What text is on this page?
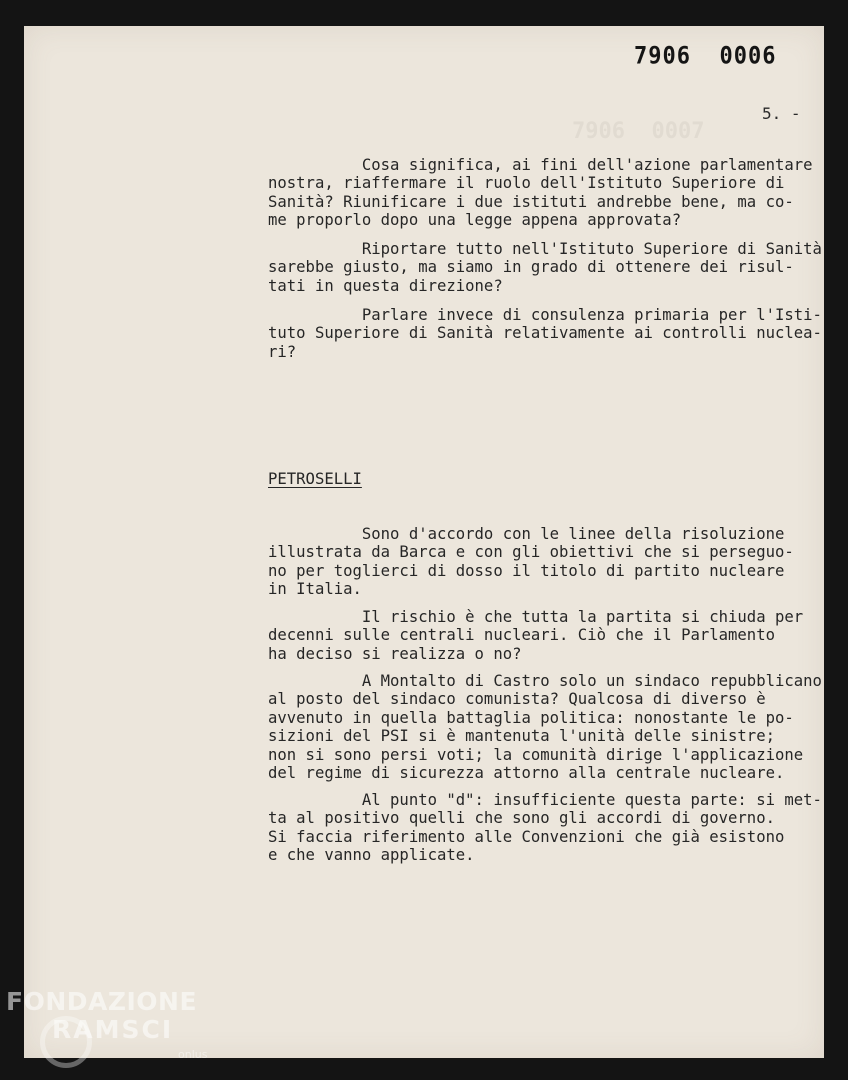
7906  0007
7906  0006
5. -

Cosa significa, ai fini dell'azione parlamentare
nostra, riaffermare il ruolo dell'Istituto Superiore di
Sanità? Riunificare i due istituti andrebbe bene, ma co-
me proporlo dopo una legge appena approvata?

Riportare tutto nell'Istituto Superiore di Sanità
sarebbe giusto, ma siamo in grado di ottenere dei risul-
tati in questa direzione?

Parlare invece di consulenza primaria per l'Isti-
tuto Superiore di Sanità relativamente ai controlli nuclea-
ri?

PETROSELLI

Sono d'accordo con le linee della risoluzione
illustrata da Barca e con gli obiettivi che si perseguo-
no per toglierci di dosso il titolo di partito nucleare
in Italia.

Il rischio è che tutta la partita si chiuda per
decenni sulle centrali nucleari. Ciò che il Parlamento
ha deciso si realizza o no?

A Montalto di Castro solo un sindaco repubblicano
al posto del sindaco comunista? Qualcosa di diverso è
avvenuto in quella battaglia politica: nonostante le po-
sizioni del PSI si è mantenuta l'unità delle sinistre;
non si sono persi voti; la comunità dirige l'applicazione
del regime di sicurezza attorno alla centrale nucleare.

Al punto "d": insufficiente questa parte: si met-
ta al positivo quelli che sono gli accordi di governo.
Si faccia riferimento alle Convenzioni che già esistono
e che vanno applicate.

FONDAZIONE
RAMSCI
onlus
